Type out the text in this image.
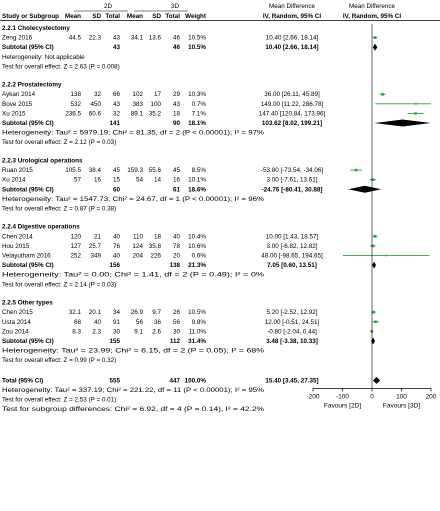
2D	3D	Mean Difference	Mean Difference
Study or Subgroup Mean SD Total Mean SD Total Weight	IV, Random, 95% CI	IV, Random, 95% CI
2.2.1 Cholecystectomy
Zeng 2016	44.5 22.3 43 34.1 13.6 46 10.5%	10.40 [2.66, 18.14]
Subtotal (95% CI)	43	46 10.5%	10.40 [2.66, 18.14]
Heterogeneity: Not applicable
Test for overall effect: Z = 2.63 (P = 0.008)
2.2.2 Prostatectomy
Aykan 2014	138 32 66 102 17 29 10.3%	36.00 [26.11, 45.89]
Bove 2015	532 450 43 383 100 43 0.7%	149.00 [11.22, 286.78]
Xu 2015	236.5 60.6 32 89.1 35.2 18 7.1%	147.40 [120.84, 173.96]
Subtotal (95% CI)	141	90 18.1%	103.62 [8.02, 199.21]
Heterogeneity: Tau² = 5979.19; Chi² = 81.35, df = 2 (P < 0.00001); I² = 97%
Test for overall effect: Z = 2.12 (P = 0.03)
2.2.3 Urological operations
Ruan 2015	105.5 38.4 45 159.3 55.6 45 8.5%	-53.80 [-73.54, -34.06]
Xu 2014	57 16 15	54 14 16 10.1%	3.00 [-7.61, 13.61]
Subtotal (95% CI)	60	61 18.6%	-24.76 [-80.41, 30.88]
Heterogeneity: Tau² = 1547.73; Chi² = 24.67, df = 1 (P < 0.00001); I² = 96%
Test for overall effect: Z = 0.87 (P = 0.38)
2.2.4 Digestive operations
Chen 2014	120 21 40 110 18 40 10.4%	10.00 [1.43, 18.57]
Hou 2015	127 25.7 76 124 35.8 78 10.6%	3.00 [-6.82, 12.82]
Velayutham 2016	252 349 40 204 226 20 0.6%	48.00 [-98.65, 194.65]
Subtotal (95% CI)	156	138 21.3%	7.05 [0.60, 13.51]
Heterogeneity: Tau² = 0.00; Chi² = 1.41, df = 2 (P = 0.49); I² = 0%
Test for overall effect: Z = 2.14 (P = 0.03)
2.2.5 Other types
Chen 2015	32.1 20.1 34 26.9 9.7 26 10.5%	5.20 [-2.52, 12.92]
Usta 2014	68 40 91	56 36 56 9.8%	12.00 [-0.51, 24.51]
Zou 2014	8.3 2.3 30 9.1 2.6 30 11.0%	-0.80 [-2.04, 0.44]
Subtotal (95% CI)	155	112 31.4%	3.48 [-3.38, 10.33]
Heterogeneity: Tau² = 23.99; Chi² = 6.15, df = 2 (P = 0.05); I² = 68%
Test for overall effect: Z = 0.99 (P = 0.32)
Total (95% CI)	555	447 100.0%	15.40 [3.45, 27.35]
Heterogeneity: Tau² = 337.19; Chi² = 221.22, df = 11 (P < 0.00001); I² = 95%
Test for overall effect: Z = 2.53 (P = 0.01)
Test for subgroup differences: Chi² = 6.92, df = 4 (P = 0.14), I² = 42.2%
-200	-100	0	100	200
Favours [2D]	Favours [3D]
